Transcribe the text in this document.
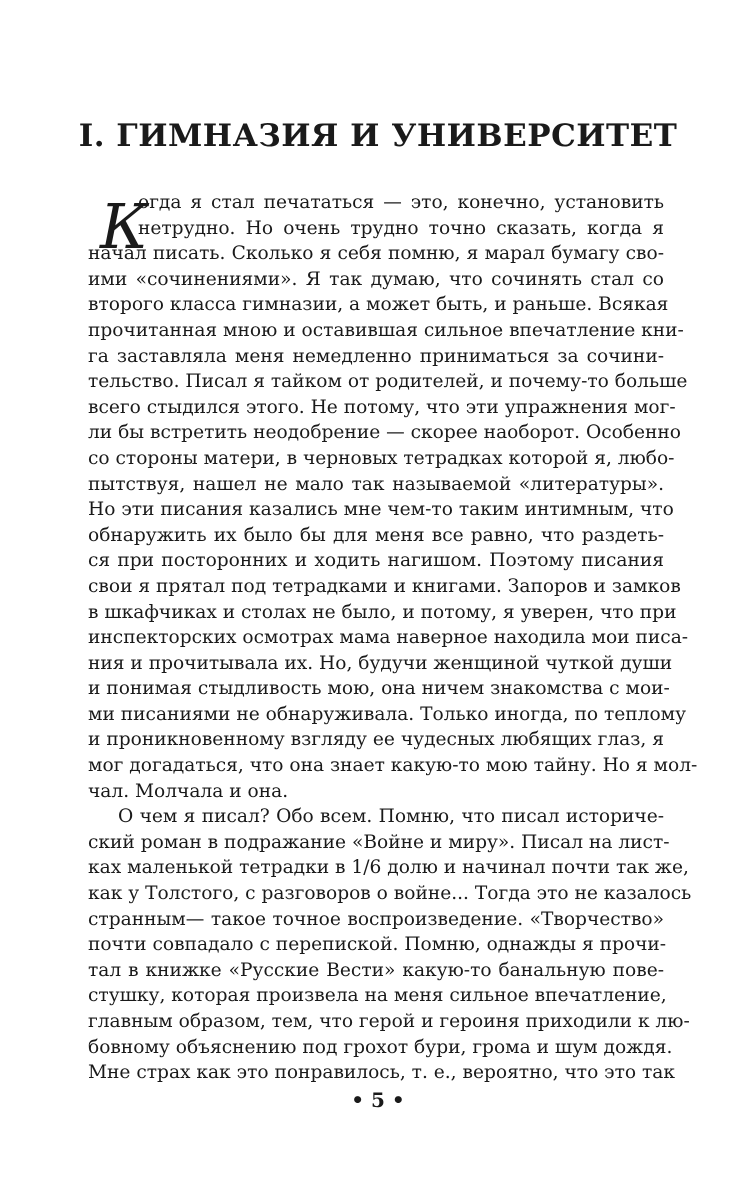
I. ГИМНАЗИЯ И УНИВЕРСИТЕТ
К
огда я стал печататься — это, конечно, установить
нетрудно. Но очень трудно точно сказать, когда я
начал писать. Сколько я себя помню, я марал бумагу сво-
ими «сочинениями». Я так думаю, что сочинять стал со
второго класса гимназии, а может быть, и раньше. Всякая
прочитанная мною и оставившая сильное впечатление кни-
га заставляла меня немедленно приниматься за сочини-
тельство. Писал я тайком от родителей, и почему-то больше
всего стыдился этого. Не потому, что эти упражнения мог-
ли бы встретить неодобрение — скорее наоборот. Особенно
со стороны матери, в черновых тетрадках которой я, любо-
пытствуя, нашел не мало так называемой «литературы».
Но эти писания казались мне чем-то таким интимным, что
обнаружить их было бы для меня все равно, что раздеть-
ся при посторонних и ходить нагишом. Поэтому писания
свои я прятал под тетрадками и книгами. Запоров и замков
в шкафчиках и столах не было, и потому, я уверен, что при
инспекторских осмотрах мама наверное находила мои писа-
ния и прочитывала их. Но, будучи женщиной чуткой души
и понимая стыдливость мою, она ничем знакомства с мои-
ми писаниями не обнаруживала. Только иногда, по теплому
и проникновенному взгляду ее чудесных любящих глаз, я
мог догадаться, что она знает какую-то мою тайну. Но я мол-
чал. Молчала и она.
О чем я писал? Обо всем. Помню, что писал историче-
ский роман в подражание «Войне и миру». Писал на лист-
ках маленькой тетрадки в 1/6 долю и начинал почти так же,
как у Толстого, с разговоров о войне... Тогда это не казалось
странным— такое точное воспроизведение. «Творчество»
почти совпадало с перепиской. Помню, однажды я прочи-
тал в книжке «Русские Вести» какую-то банальную пове-
стушку, которая произвела на меня сильное впечатление,
главным образом, тем, что герой и героиня приходили к лю-
бовному объяснению под грохот бури, грома и шум дождя.
Мне страх как это понравилось, т. е., вероятно, что это так
• 5 •
